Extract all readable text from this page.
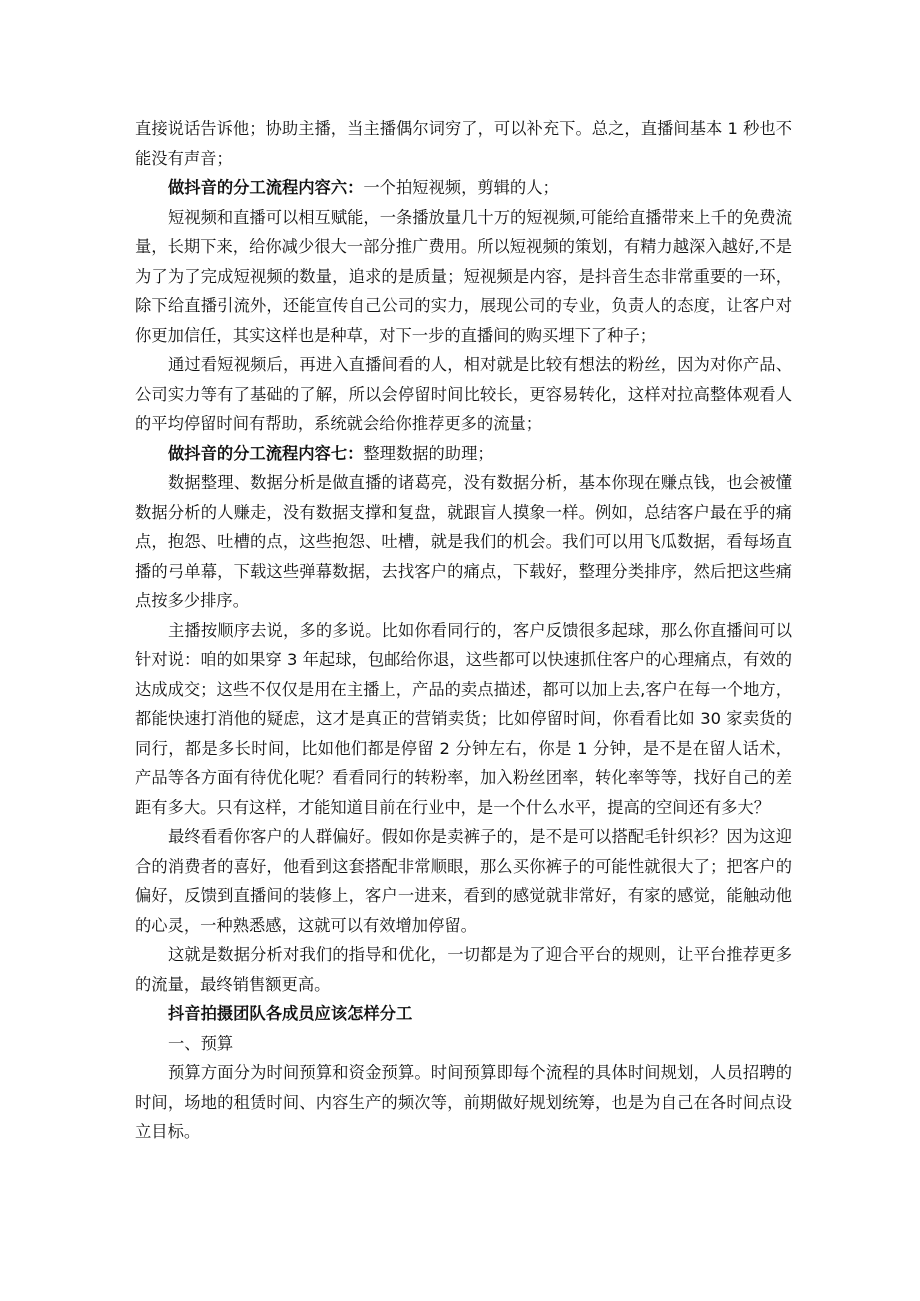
直接说话告诉他；协助主播，当主播偶尔词穷了，可以补充下。总之，直播间基本 1 秒也不能没有声音；

做抖音的分工流程内容六：一个拍短视频，剪辑的人；

短视频和直播可以相互赋能，一条播放量几十万的短视频,可能给直播带来上千的免费流量，长期下来，给你减少很大一部分推广费用。所以短视频的策划，有精力越深入越好,不是为了为了完成短视频的数量，追求的是质量；短视频是内容，是抖音生态非常重要的一环，除下给直播引流外，还能宣传自己公司的实力，展现公司的专业，负责人的态度，让客户对你更加信任，其实这样也是种草，对下一步的直播间的购买埋下了种子；

通过看短视频后，再进入直播间看的人，相对就是比较有想法的粉丝，因为对你产品、公司实力等有了基础的了解，所以会停留时间比较长，更容易转化，这样对拉高整体观看人的平均停留时间有帮助，系统就会给你推荐更多的流量；

做抖音的分工流程内容七：整理数据的助理；

数据整理、数据分析是做直播的诸葛亮，没有数据分析，基本你现在赚点钱，也会被懂数据分析的人赚走，没有数据支撑和复盘，就跟盲人摸象一样。例如，总结客户最在乎的痛点，抱怨、吐槽的点，这些抱怨、吐槽，就是我们的机会。我们可以用飞瓜数据，看每场直播的弓单幕，下载这些弹幕数据，去找客户的痛点，下载好，整理分类排序，然后把这些痛点按多少排序。

主播按顺序去说，多的多说。比如你看同行的，客户反馈很多起球，那么你直播间可以针对说：咱的如果穿 3 年起球，包邮给你退，这些都可以快速抓住客户的心理痛点，有效的达成成交；这些不仅仅是用在主播上，产品的卖点描述，都可以加上去,客户在每一个地方，都能快速打消他的疑虑，这才是真正的营销卖货；比如停留时间，你看看比如 30 家卖货的同行，都是多长时间，比如他们都是停留 2 分钟左右，你是 1 分钟，是不是在留人话术，产品等各方面有待优化呢？看看同行的转粉率，加入粉丝团率，转化率等等，找好自己的差距有多大。只有这样，才能知道目前在行业中，是一个什么水平，提高的空间还有多大？

最终看看你客户的人群偏好。假如你是卖裤子的，是不是可以搭配毛针织衫？因为这迎合的消费者的喜好，他看到这套搭配非常顺眼，那么买你裤子的可能性就很大了；把客户的偏好，反馈到直播间的装修上，客户一进来，看到的感觉就非常好，有家的感觉，能触动他的心灵，一种熟悉感，这就可以有效增加停留。

这就是数据分析对我们的指导和优化，一切都是为了迎合平台的规则，让平台推荐更多的流量，最终销售额更高。

抖音拍摄团队各成员应该怎样分工

一、预算

预算方面分为时间预算和资金预算。时间预算即每个流程的具体时间规划，人员招聘的时间，场地的租赁时间、内容生产的频次等，前期做好规划统筹，也是为自己在各时间点设立目标。
